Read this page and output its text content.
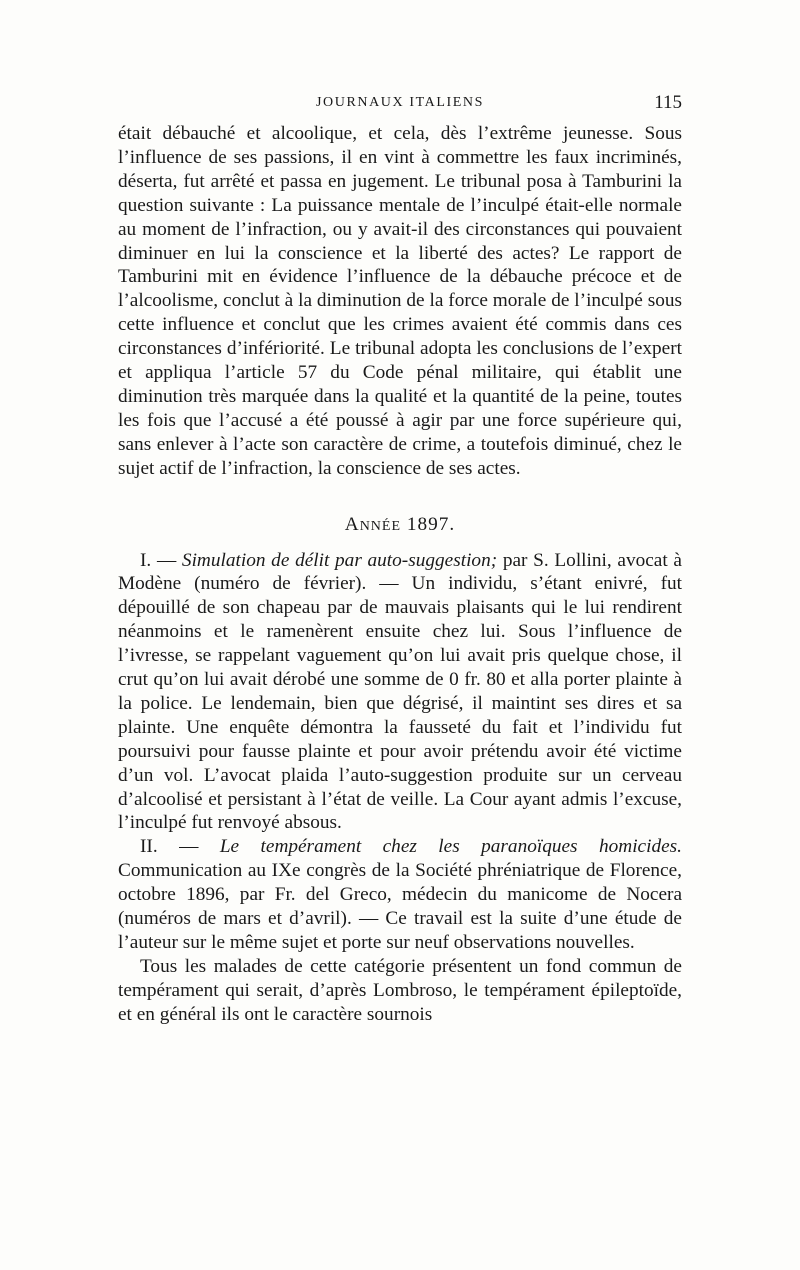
JOURNAUX ITALIENS	115

était débauché et alcoolique, et cela, dès l’extrême jeunesse. Sous l’influence de ses passions, il en vint à commettre les faux incriminés, déserta, fut arrêté et passa en jugement. Le tribunal posa à Tamburini la question suivante : La puissance mentale de l’inculpé était-elle normale au moment de l’infraction, ou y avait-il des circonstances qui pouvaient diminuer en lui la conscience et la liberté des actes? Le rapport de Tamburini mit en évidence l’influence de la débauche précoce et de l’alcoolisme, conclut à la diminution de la force morale de l’inculpé sous cette influence et conclut que les crimes avaient été commis dans ces circonstances d’infériorité. Le tribunal adopta les conclusions de l’expert et appliqua l’article 57 du Code pénal militaire, qui établit une diminution très marquée dans la qualité et la quantité de la peine, toutes les fois que l’accusé a été poussé à agir par une force supérieure qui, sans enlever à l’acte son caractère de crime, a toutefois diminué, chez le sujet actif de l’infraction, la conscience de ses actes.

Année 1897.

I. — Simulation de délit par auto-suggestion; par S. Lollini, avocat à Modène (numéro de février). — Un individu, s’étant enivré, fut dépouillé de son chapeau par de mauvais plaisants qui le lui rendirent néanmoins et le ramenèrent ensuite chez lui. Sous l’influence de l’ivresse, se rappelant vaguement qu’on lui avait pris quelque chose, il crut qu’on lui avait dérobé une somme de 0 fr. 80 et alla porter plainte à la police. Le lendemain, bien que dégrisé, il maintint ses dires et sa plainte. Une enquête démontra la fausseté du fait et l’individu fut poursuivi pour fausse plainte et pour avoir prétendu avoir été victime d’un vol. L’avocat plaida l’auto-suggestion produite sur un cerveau d’alcoolisé et persistant à l’état de veille. La Cour ayant admis l’excuse, l’inculpé fut renvoyé absous.

II. — Le tempérament chez les paranoïques homicides. Communication au IXe congrès de la Société phréniatrique de Florence, octobre 1896, par Fr. del Greco, médecin du manicome de Nocera (numéros de mars et d’avril). — Ce travail est la suite d’une étude de l’auteur sur le même sujet et porte sur neuf observations nouvelles.

Tous les malades de cette catégorie présentent un fond commun de tempérament qui serait, d’après Lombroso, le tempérament épileptoïde, et en général ils ont le caractère sournois
